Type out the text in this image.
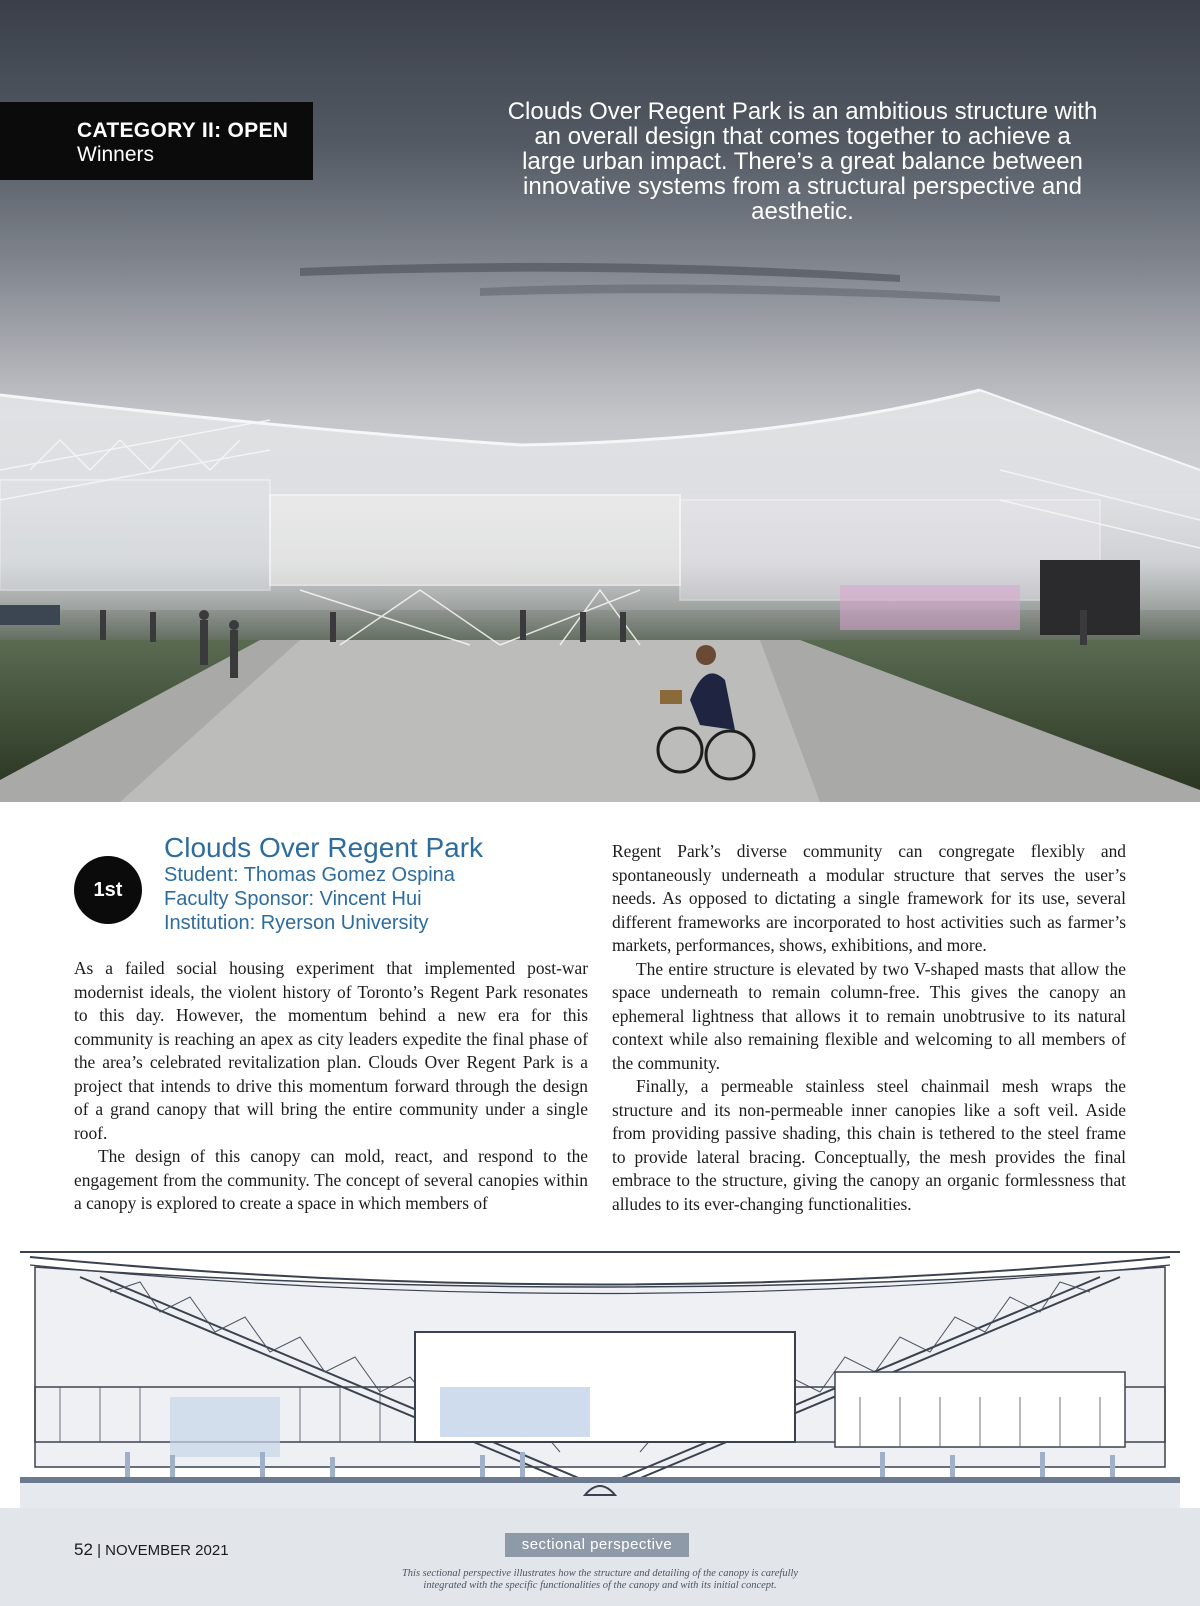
CATEGORY II: OPEN
Winners
Clouds Over Regent Park is an ambitious structure with an overall design that comes together to achieve a large urban impact. There’s a great balance between innovative systems from a structural perspective and aesthetic.
1st
Clouds Over Regent Park
Student: Thomas Gomez Ospina
Faculty Sponsor: Vincent Hui
Institution: Ryerson University

As a failed social housing experiment that implemented post-war modernist ideals, the violent history of Toronto’s Regent Park resonates to this day. However, the momentum behind a new era for this community is reaching an apex as city leaders expedite the final phase of the area’s celebrated revitalization plan. Clouds Over Regent Park is a project that intends to drive this momentum forward through the design of a grand canopy that will bring the entire community under a single roof.

The design of this canopy can mold, react, and respond to the engagement from the community. The concept of several canopies within a canopy is explored to create a space in which members of

Regent Park’s diverse community can congregate flexibly and spontaneously underneath a modular structure that serves the user’s needs. As opposed to dictating a single framework for its use, several different frameworks are incorporated to host activities such as farmer’s markets, performances, shows, exhibitions, and more.

The entire structure is elevated by two V-shaped masts that allow the space underneath to remain column-free. This gives the canopy an ephemeral lightness that allows it to remain unobtrusive to its natural context while also remaining flexible and welcoming to all members of the community.

Finally, a permeable stainless steel chainmail mesh wraps the structure and its non-permeable inner canopies like a soft veil. Aside from providing passive shading, this chain is tethered to the steel frame to provide lateral bracing. Conceptually, the mesh provides the final embrace to the structure, giving the canopy an organic formlessness that alludes to its ever-changing functionalities.

52 | NOVEMBER 2021	sectional perspective
This sectional perspective illustrates how the structure and detailing of the canopy is carefully integrated with the specific functionalities of the canopy and with its initial concept.
